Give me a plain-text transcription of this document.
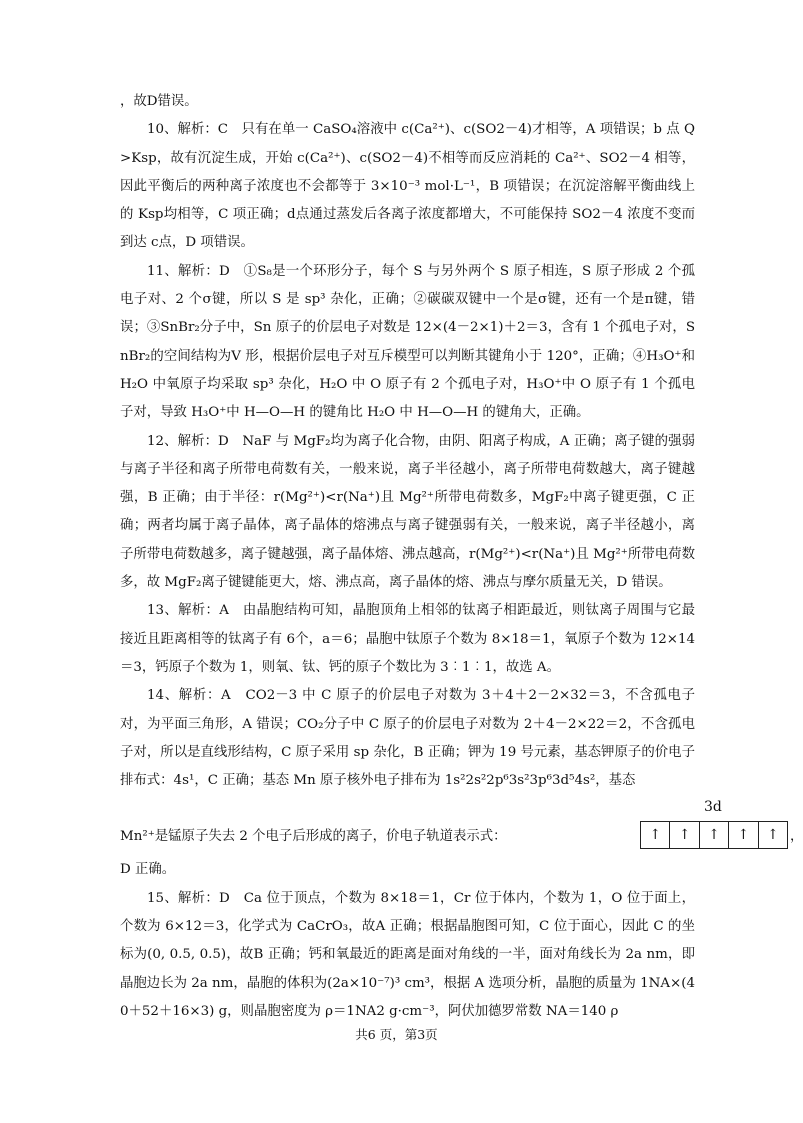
，故D错误。

10、解析：C　只有在单一 CaSO₄溶液中 c(Ca²⁺)、c(SO2－4)才相等，A 项错误；b 点 Q>Ksp，故有沉淀生成，开始 c(Ca²⁺)、c(SO2－4)不相等而反应消耗的 Ca²⁺、SO2－4 相等，因此平衡后的两种离子浓度也不会都等于 3×10⁻³ mol·L⁻¹，B 项错误；在沉淀溶解平衡曲线上的 Ksp均相等，C 项正确；d点通过蒸发后各离子浓度都增大，不可能保持 SO2－4 浓度不变而到达 c点，D 项错误。

11、解析：D　①S₈是一个环形分子，每个 S 与另外两个 S 原子相连，S 原子形成 2 个孤电子对、2 个σ键，所以 S 是 sp³ 杂化，正确；②碳碳双键中一个是σ键，还有一个是π键，错误；③SnBr₂分子中，Sn 原子的价层电子对数是 12×(4－2×1)＋2＝3，含有 1 个孤电子对，SnBr₂的空间结构为V 形，根据价层电子对互斥模型可以判断其键角小于 120°，正确；④H₃O⁺和 H₂O 中氧原子均采取 sp³ 杂化，H₂O 中 O 原子有 2 个孤电子对，H₃O⁺中 O 原子有 1 个孤电子对，导致 H₃O⁺中 H—O—H 的键角比 H₂O 中 H—O—H 的键角大，正确。

12、解析：D　NaF 与 MgF₂均为离子化合物，由阴、阳离子构成，A 正确；离子键的强弱与离子半径和离子所带电荷数有关，一般来说，离子半径越小，离子所带电荷数越大，离子键越强，B 正确；由于半径：r(Mg²⁺)<r(Na⁺)且 Mg²⁺所带电荷数多，MgF₂中离子键更强，C 正确；两者均属于离子晶体，离子晶体的熔沸点与离子键强弱有关，一般来说，离子半径越小，离子所带电荷数越多，离子键越强，离子晶体熔、沸点越高，r(Mg²⁺)<r(Na⁺)且 Mg²⁺所带电荷数多，故 MgF₂离子键键能更大，熔、沸点高，离子晶体的熔、沸点与摩尔质量无关，D 错误。

13、解析：A　由晶胞结构可知，晶胞顶角上相邻的钛离子相距最近，则钛离子周围与它最接近且距离相等的钛离子有 6个，a＝6；晶胞中钛原子个数为 8×18＝1，氧原子个数为 12×14＝3，钙原子个数为 1，则氧、钛、钙的原子个数比为 3︰1︰1，故选 A。

14、解析：A　CO2－3 中 C 原子的价层电子对数为 3＋4＋2－2×32＝3，不含孤电子对，为平面三角形，A 错误；CO₂分子中 C 原子的价层电子对数为 2＋4－2×22＝2，不含孤电子对，所以是直线形结构，C 原子采用 sp 杂化，B 正确；钾为 19 号元素，基态钾原子的价电子排布式：4s¹，C 正确；基态 Mn 原子核外电子排布为 1s²2s²2p⁶3s²3p⁶3d⁵4s²，基态

Mn²⁺是锰原子失去 2 个电子后形成的离子，价电子轨道表示式：
3d
↑	↑	↑	↑	↑ ，

D 正确。

15、解析：D　Ca 位于顶点，个数为 8×18＝1，Cr 位于体内，个数为 1，O 位于面上，个数为 6×12＝3，化学式为 CaCrO₃，故A 正确；根据晶胞图可知，C 位于面心，因此 C 的坐标为(0, 0.5, 0.5)，故B 正确；钙和氧最近的距离是面对角线的一半，面对角线长为 2a nm，即晶胞边长为 2a nm，晶胞的体积为(2a×10⁻⁷)³ cm³，根据 A 选项分析，晶胞的质量为 1NA×(40＋52＋16×3) g，则晶胞密度为 ρ＝1NA2 g·cm⁻³，阿伏加德罗常数 NA＝140 ρ

共6 页，第3页
